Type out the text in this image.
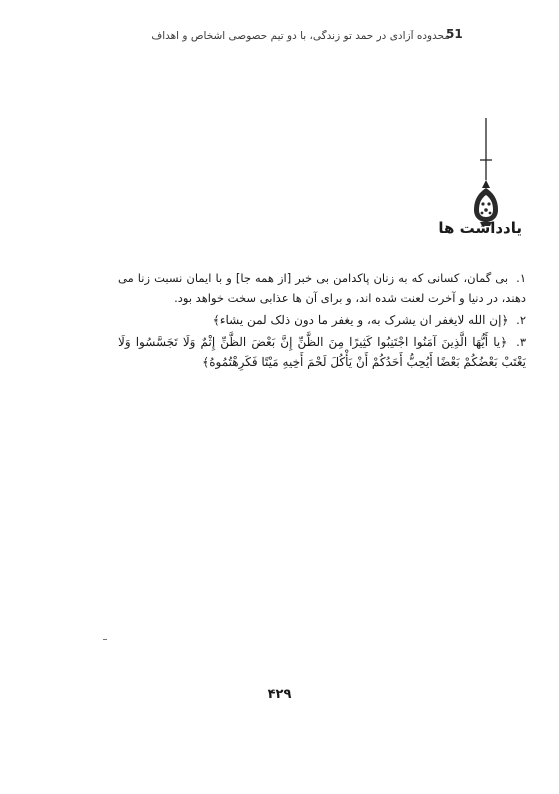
محدوده آزادی در حمد تو زندگی، با دو تیم حصوصی اشخاص و اهداف
51
یادداشت ها

۱. بی گمان، کسانی که به زنان پاکدامن بی خبر [از همه جا] و با ایمان نسبت زنا می دهند، در دنیا و آخرت لعنت شده اند، و برای آن ها عذابی سخت خواهد بود.

۲. ﴿إن الله لایغفر ان یشرک به، و یغفر ما دون ذلک لمن یشاء﴾

۳. ﴿یا أَیُّهَا الَّذِینَ آمَنُوا اجْتَنِبُوا کَثِیرًا مِنَ الظَّنِّ إِنَّ بَعْضَ الظَّنِّ إِثْمٌ وَلَا تَجَسَّسُوا وَلَا یَغْتَبْ بَعْضُکُمْ بَعْضًا أَیُحِبُّ أَحَدُکُمْ أَنْ یَأْکُلَ لَحْمَ أَخِیهِ مَیْتًا فَکَرِهْتُمُوهُ﴾

۴۲۹
